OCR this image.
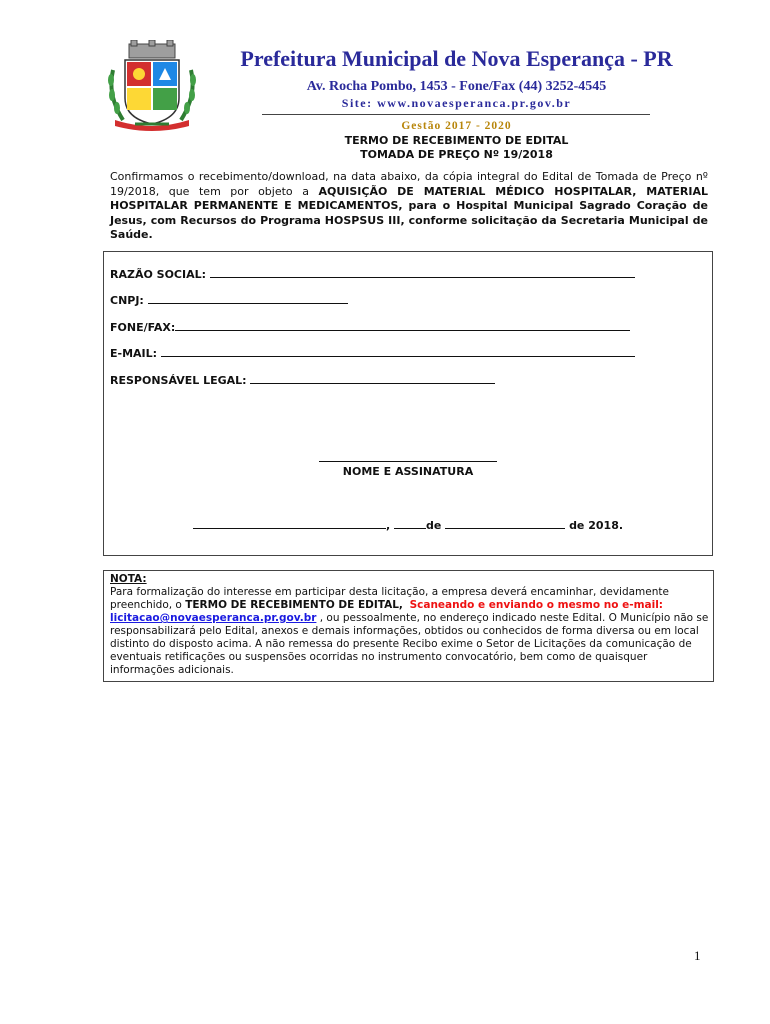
Prefeitura Municipal de Nova Esperança - PR
Av. Rocha Pombo, 1453 - Fone/Fax (44) 3252-4545
Site: www.novaesperanca.pr.gov.br
Gestão 2017 - 2020
TERMO DE RECEBIMENTO DE EDITAL
TOMADA DE PREÇO Nº 19/2018
Confirmamos o recebimento/download, na data abaixo, da cópia integral do Edital de Tomada de Preço nº 19/2018, que tem por objeto a AQUISIÇÃO DE MATERIAL MÉDICO HOSPITALAR, MATERIAL HOSPITALAR PERMANENTE E MEDICAMENTOS, para o Hospital Municipal Sagrado Coração de Jesus, com Recursos do Programa HOSPSUS III, conforme solicitação da Secretaria Municipal de Saúde.
RAZÃO SOCIAL:
CNPJ:
FONE/FAX:
E-MAIL:
RESPONSÁVEL LEGAL:
NOME E ASSINATURA
,	de	de 2018.
NOTA:
Para formalização do interesse em participar desta licitação, a empresa deverá encaminhar, devidamente preenchido, o TERMO DE RECEBIMENTO DE EDITAL, Scaneando e enviando o mesmo no e-mail:
licitacao@novaesperanca.pr.gov.br , ou pessoalmente, no endereço indicado neste Edital. O Município não se responsabilizará pelo Edital, anexos e demais informações, obtidos ou conhecidos de forma diversa ou em local distinto do disposto acima. A não remessa do presente Recibo exime o Setor de Licitações da comunicação de eventuais retificações ou suspensões ocorridas no instrumento convocatório, bem como de quaisquer informações adicionais.
1
